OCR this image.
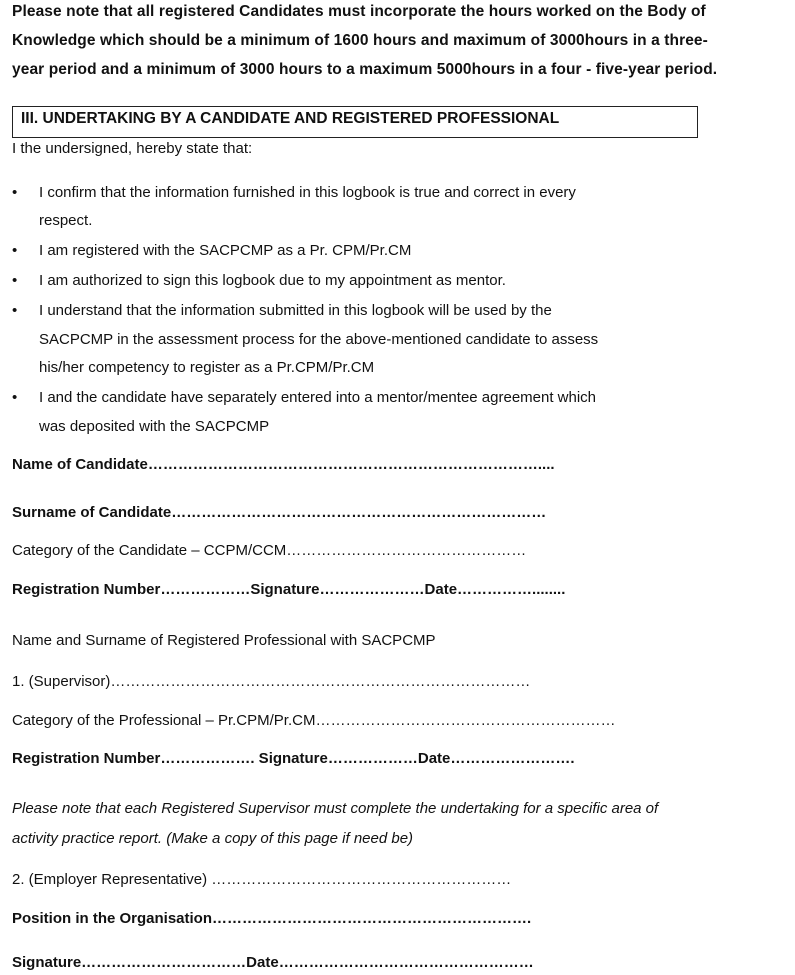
Please note that all registered Candidates must incorporate the hours worked on the Body of
Knowledge which should be a minimum of 1600 hours and maximum of 3000hours in a three-
year period and a minimum of 3000 hours to a maximum 5000hours in a four - five-year period.
III. UNDERTAKING BY A CANDIDATE AND REGISTERED PROFESSIONAL
I the undersigned, hereby state that:
• I confirm that the information furnished in this logbook is true and correct in every
respect.
• I am registered with the SACPCMP as a Pr. CPM/Pr.CM
• I am authorized to sign this logbook due to my appointment as mentor.
• I understand that the information submitted in this logbook will be used by the
SACPCMP in the assessment process for the above-mentioned candidate to assess
his/her competency to register as a Pr.CPM/Pr.CM
• I and the candidate have separately entered into a mentor/mentee agreement which
was deposited with the SACPCMP
Name of Candidate……………………………………………………………………....
Surname of Candidate…………………………………………………………………
Category of the Candidate – CCPM/CCM…………………………………………
Registration Number………………Signature…………………Date……………........
Name and Surname of Registered Professional with SACPCMP
1. (Supervisor)…………………………………………………………………………
Category of the Professional – Pr.CPM/Pr.CM……………………………………………………
Registration Number………………. Signature………………Date…………………….
Please note that each Registered Supervisor must complete the undertaking for a specific area of
activity practice report. (Make a copy of this page if need be)
2. (Employer Representative) ……………………………………………………
Position in the Organisation……………………………………………………….
Signature……………………………Date……………………………………………
